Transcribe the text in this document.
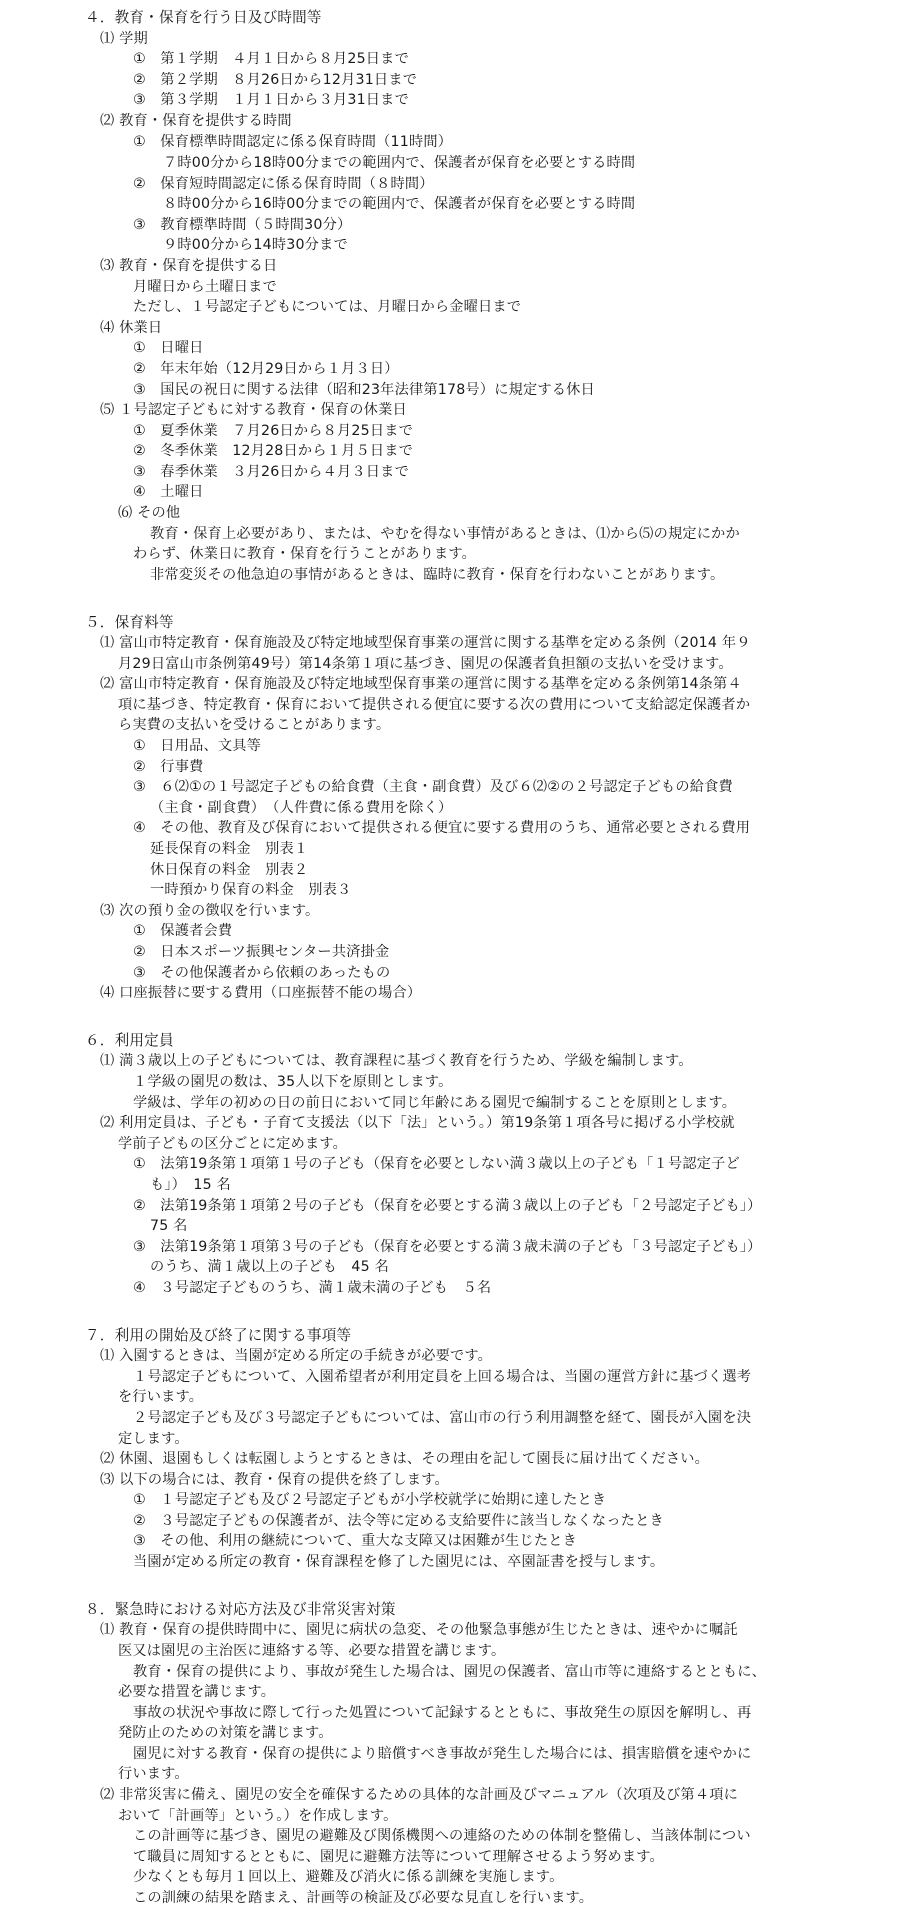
４．教育・保育を行う日及び時間等
⑴ 学期
①　第１学期　４月１日から８月25日まで
②　第２学期　８月26日から12月31日まで
③　第３学期　１月１日から３月31日まで
⑵ 教育・保育を提供する時間
①　保育標準時間認定に係る保育時間（11時間）
７時00分から18時00分までの範囲内で、保護者が保育を必要とする時間
②　保育短時間認定に係る保育時間（８時間）
８時00分から16時00分までの範囲内で、保護者が保育を必要とする時間
③　教育標準時間（５時間30分）
９時00分から14時30分まで
⑶ 教育・保育を提供する日
月曜日から土曜日まで
ただし、１号認定子どもについては、月曜日から金曜日まで
⑷ 休業日
①　日曜日
②　年末年始（12月29日から１月３日）
③　国民の祝日に関する法律（昭和23年法律第178号）に規定する休日
⑸ １号認定子どもに対する教育・保育の休業日
①　夏季休業　７月26日から８月25日まで
②　冬季休業　12月28日から１月５日まで
③　春季休業　３月26日から４月３日まで
④　土曜日
⑹ その他
教育・保育上必要があり、または、やむを得ない事情があるときは、⑴から⑸の規定にかか
わらず、休業日に教育・保育を行うことがあります。
非常変災その他急迫の事情があるときは、臨時に教育・保育を行わないことがあります。
５．保育料等
⑴ 富山市特定教育・保育施設及び特定地域型保育事業の運営に関する基準を定める条例（2014 年９
月29日富山市条例第49号）第14条第１項に基づき、園児の保護者負担額の支払いを受けます。
⑵ 富山市特定教育・保育施設及び特定地域型保育事業の運営に関する基準を定める条例第14条第４
項に基づき、特定教育・保育において提供される便宜に要する次の費用について支給認定保護者か
ら実費の支払いを受けることがあります。
①　日用品、文具等
②　行事費
③　６⑵①の１号認定子どもの給食費（主食・副食費）及び６⑵②の２号認定子どもの給食費
（主食・副食費）　（人件費に係る費用を除く）
④　その他、教育及び保育において提供される便宜に要する費用のうち、通常必要とされる費用
延長保育の料金　別表１
休日保育の料金　別表２
一時預かり保育の料金　別表３
⑶ 次の預り金の徴収を行います。
①　保護者会費
②　日本スポーツ振興センター共済掛金
③　その他保護者から依頼のあったもの
⑷ 口座振替に要する費用（口座振替不能の場合）
６．利用定員
⑴ 満３歳以上の子どもについては、教育課程に基づく教育を行うため、学級を編制します。
１学級の園児の数は、35人以下を原則とします。
学級は、学年の初めの日の前日において同じ年齢にある園児で編制することを原則とします。
⑵ 利用定員は、子ども・子育て支援法（以下「法」という。）第19条第１項各号に掲げる小学校就
学前子どもの区分ごとに定めます。
①　法第19条第１項第１号の子ども（保育を必要としない満３歳以上の子ども「１号認定子ど
も」）　15 名
②　法第19条第１項第２号の子ども（保育を必要とする満３歳以上の子ども「２号認定子ども」）
75 名
③　法第19条第１項第３号の子ども（保育を必要とする満３歳未満の子ども「３号認定子ども」）
のうち、満１歳以上の子ども　45 名
④　３号認定子どものうち、満１歳未満の子ども　５名
７．利用の開始及び終了に関する事項等
⑴ 入園するときは、当園が定める所定の手続きが必要です。
１号認定子どもについて、入園希望者が利用定員を上回る場合は、当園の運営方針に基づく選考
を行います。
２号認定子ども及び３号認定子どもについては、富山市の行う利用調整を経て、園長が入園を決
定します。
⑵ 休園、退園もしくは転園しようとするときは、その理由を記して園長に届け出てください。
⑶ 以下の場合には、教育・保育の提供を終了します。
①　１号認定子ども及び２号認定子どもが小学校就学に始期に達したとき
②　３号認定子どもの保護者が、法令等に定める支給要件に該当しなくなったとき
③　その他、利用の継続について、重大な支障又は困難が生じたとき
当園が定める所定の教育・保育課程を修了した園児には、卒園証書を授与します。
８．緊急時における対応方法及び非常災害対策
⑴ 教育・保育の提供時間中に、園児に病状の急変、その他緊急事態が生じたときは、速やかに嘱託
医又は園児の主治医に連絡する等、必要な措置を講じます。
教育・保育の提供により、事故が発生した場合は、園児の保護者、富山市等に連絡するとともに、
必要な措置を講じます。
事故の状況や事故に際して行った処置について記録するとともに、事故発生の原因を解明し、再
発防止のための対策を講じます。
園児に対する教育・保育の提供により賠償すべき事故が発生した場合には、損害賠償を速やかに
行います。
⑵ 非常災害に備え、園児の安全を確保するための具体的な計画及びマニュアル（次項及び第４項に
おいて「計画等」という。）を作成します。
この計画等に基づき、園児の避難及び関係機関への連絡のための体制を整備し、当該体制につい
て職員に周知するとともに、園児に避難方法等について理解させるよう努めます。
少なくとも毎月１回以上、避難及び消火に係る訓練を実施します。
この訓練の結果を踏まえ、計画等の検証及び必要な見直しを行います。
